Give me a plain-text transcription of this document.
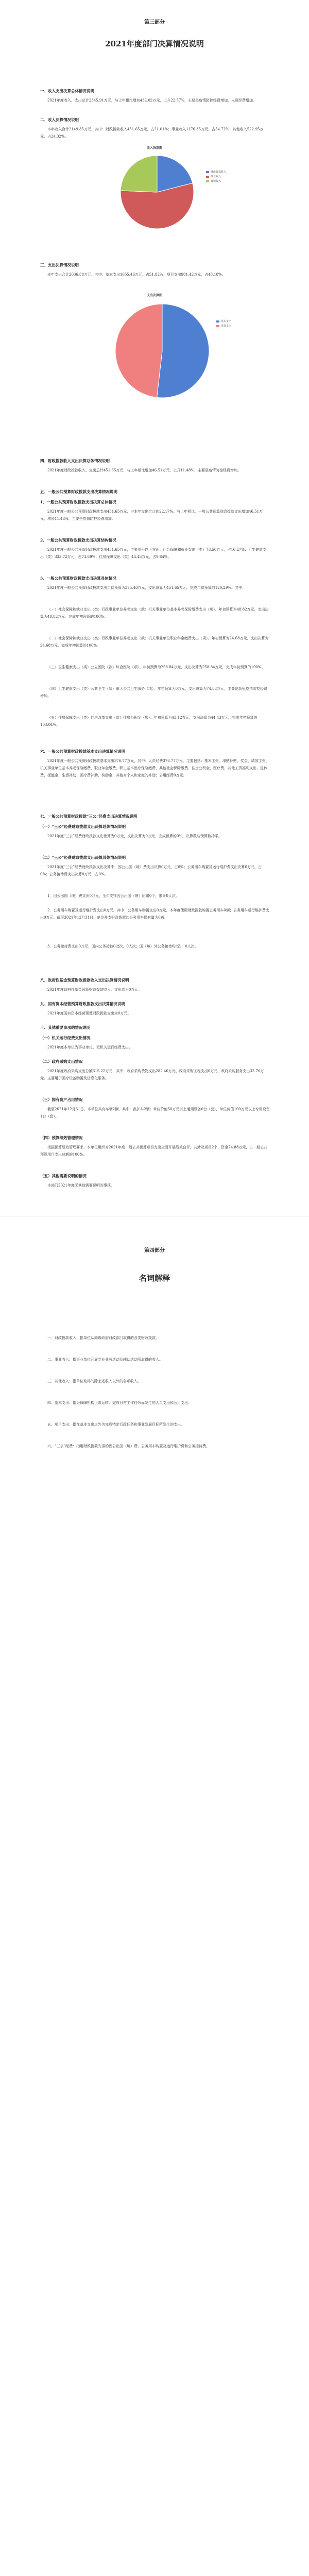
第三部分

2021年度部门决算情况说明

一、收入支出决算总体情况说明

2021年度收入、支出总计2345.91万元，与上年相比增加432.02万元，上升22.57%，主要是疫情防控经费增加，人员经费增加。

二、收入决算情况说明

本年收入合计2149.85万元，其中：财政拨款收入451.65万元，占21.01%；事业收入1176.35万元，占54.72%；其他收入522.95万元，占24.32%。

收入决算图

财政拨款收入
事业收入
其他收入

三、支出决算情况说明

本年支出合计2036.88万元，其中：基本支出1055.46万元，占51.82%；项目支出981.42万元，占48.18%。

支出决算图

基本支出
项目支出

四、财政拨款收入支出决算总体情况说明

2021年度财政拨款收入、支出总计451.65万元，与上年相比增加46.51万元，上升11.48%，主要是疫情防控经费增加。

五、一般公共预算财政拨款支出决算情况说明

1．一般公共预算财政拨款支出决算总体情况

2021年度一般公共预算财政拨款支出451.65万元，占本年支出合计的22.17%。与上年相比，一般公共预算财政拨款支出增加46.51万元，增长11.48%，主要是疫情防控经费增加。

2．一般公共预算财政拨款支出决算结构情况

2021年度一般公共预算财政拨款支出451.65万元，主要用于以下方面：社会保障和就业支出（类）73.50万元，占16.27%；卫生健康支出（类）333.72万元，占73.89%；住房保障支出（类）44.43万元，占9.84%。

3．一般公共预算财政拨款支出决算具体情况

2021年度一般公共预算财政拨款支出年初预算为375.46万元，支出决算为451.65万元，完成年初预算的120.29%。其中：

（一）社会保障和就业支出（类）行政事业单位养老支出（款）机关事业单位基本养老保险缴费支出（项）。年初预算为48.82万元，支出决算为48.82万元，完成年初预算的100%。

（二）社会保障和就业支出（类）行政事业单位养老支出（款）机关事业单位职业年金缴费支出（项）。年初预算为24.68万元，支出决算为24.68万元，完成年初预算的100%。

（三）卫生健康支出（类）公立医院（款）综合医院（项）。年初预算为258.84万元，支出决算为258.84万元，完成年初预算的100%。

（四）卫生健康支出（类）公共卫生（款）重大公共卫生服务（项）。年初预算为0万元，支出决算为74.88万元，主要是新冠疫情防控经费增加。

（五）住房保障支出（类）住房改革支出（款）住房公积金（项）。年初预算为43.12万元，支出决算为44.43万元，完成年初预算的103.04%。

六、一般公共预算财政拨款基本支出决算情况说明

2021年度一般公共预算财政拨款基本支出376.77万元，其中：人员经费376.77万元，主要包括：基本工资、津贴补贴、奖金、绩效工资、机关事业单位基本养老保险缴费、职业年金缴费、职工基本医疗保险缴费、其他社会保障缴费、住房公积金、医疗费、其他工资福利支出、退休费、抚恤金、生活补助、医疗费补助、奖励金、其他对个人和家庭的补助；公用经费0万元。

七、一般公共预算财政拨款“三公”经费支出决算情况说明

（一）“三公”经费财政拨款支出决算总体情况说明

2021年度“三公”经费财政拨款支出预算为0万元，支出决算为0万元，完成预算的0%。决算数与预算数持平。

（二）“三公”经费财政拨款支出决算具体情况说明

2021年度“三公”经费财政拨款支出决算中，因公出国（境）费支出决算0万元，占0%；公务用车购置及运行维护费支出决算0万元，占0%；公务接待费支出决算0万元，占0%。

1．因公出国（境）费支出0万元，全年安排因公出国（境）团组0个，累计0人次。

2．公务用车购置及运行维护费支出0万元。其中：公务用车购置支出0万元，本年度使用财政拨款购置公务用车0辆；公务用车运行维护费支出0万元。截至2021年12月31日，单位开支财政拨款的公务用车保有量为0辆。

3．公务接待费支出0万元，国内公务接待0批次，0人次；国（境）外公务接待0批次，0人次。

八、政府性基金预算财政拨款收入支出决算情况说明

2021年度政府性基金预算财政拨款收入、支出均为0万元。

九、国有资本经营预算财政拨款支出决算情况说明

2021年度国有资本经营预算财政拨款支出为0万元。

十、其他重要事项的情况说明

（一）机关运行经费支出情况

2021年度本单位为事业单位，无机关运行经费支出。

（二）政府采购支出情况

2021年度政府采购支出总额315.22万元，其中：政府采购货物支出282.46万元、政府采购工程支出0万元、政府采购服务支出32.76万元。主要用于医疗设备购置及信息化服务。

（三）国有资产占用情况

截至2021年12月31日，本单位共有车辆2辆，其中：救护车2辆；单位价值50万元以上通用设备0台（套），单位价值100万元以上专用设备1台（套）。

（四）预算绩效管理情况

根据预算绩效管理要求，本单位组织对2021年度一般公共预算项目支出全面开展绩效自评，共涉及项目2个，资金74.88万元，占一般公共预算项目支出总额的100%。

（五）其他需要说明的情况

本部门2021年度无其他需要说明的事项。

第四部分

名词解释

一、财政拨款收入：指单位从同级政府财政部门取得的各类财政拨款。

二、事业收入：指事业单位开展专业业务活动及辅助活动所取得的收入。

三、其他收入：指单位取得的除上述收入以外的各项收入。

四、基本支出：指为保障机构正常运转、完成日常工作任务而发生的人员支出和公用支出。

五、项目支出：指在基本支出之外为完成特定行政任务和事业发展目标所发生的支出。

六、“三公”经费：指用财政拨款安排的因公出国（境）费、公务用车购置及运行维护费和公务接待费。
